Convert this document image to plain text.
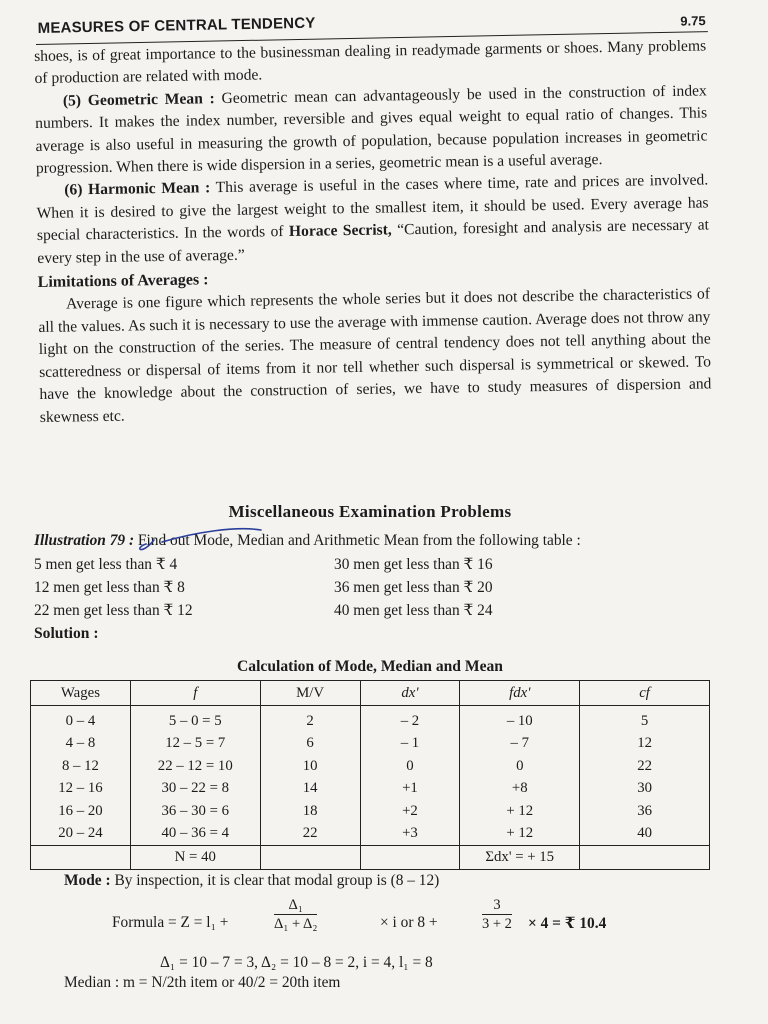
MEASURES OF CENTRAL TENDENCY	9.75

shoes, is of great importance to the businessman dealing in readymade garments or shoes. Many problems of production are related with mode.

(5) Geometric Mean : Geometric mean can advantageously be used in the construction of index numbers. It makes the index number, reversible and gives equal weight to equal ratio of changes. This average is also useful in measuring the growth of population, because population increases in geometric progression. When there is wide dispersion in a series, geometric mean is a useful average.

(6) Harmonic Mean : This average is useful in the cases where time, rate and prices are involved. When it is desired to give the largest weight to the smallest item, it should be used. Every average has special characteristics. In the words of Horace Secrist, “Caution, foresight and analysis are necessary at every step in the use of average.”

Limitations of Averages :

Average is one figure which represents the whole series but it does not describe the characteristics of all the values. As such it is necessary to use the average with immense caution. Average does not throw any light on the construction of the series. The measure of central tendency does not tell anything about the scatteredness or dispersal of items from it nor tell whether such dispersal is symmetrical or skewed. To have the knowledge about the construction of series, we have to study measures of dispersion and skewness etc.

Miscellaneous Examination Problems
Illustration 79 : Find out Mode, Median and Arithmetic Mean from the following table :
5 men get less than ₹ 4	30 men get less than ₹ 16
12 men get less than ₹ 8	36 men get less than ₹ 20
22 men get less than ₹ 12	40 men get less than ₹ 24
Solution :
Calculation of Mode, Median and Mean
Wages	f	M/V	dx'	fdx'	cf
0 – 4	5 – 0 = 5	2	– 2	– 10	5
4 – 8	12 – 5 = 7	6	– 1	– 7	12
8 – 12	22 – 12 = 10	10	0	0	22
12 – 16	30 – 22 = 8	14	+1	+8	30
16 – 20	36 – 30 = 6	18	+2	+ 12	36
20 – 24	40 – 36 = 4	22	+3	+ 12	40
	N = 40			Σdx' = + 15	
Mode : By inspection, it is clear that modal group is (8 – 12)
Formula = Z = l₁ +	$\frac{\text{Δ₁}}{\text{Δ₁ + Δ₂}}$	× i or 8 +	$\frac{3}{3 + 2} \times 4$ = ₹ 10.4
Δ₁ = 10 – 7 = 3, Δ₂ = 10 – 8 = 2, i = 4, l₁ = 8
Median : m = N/2th item or 40/2 = 20th item
